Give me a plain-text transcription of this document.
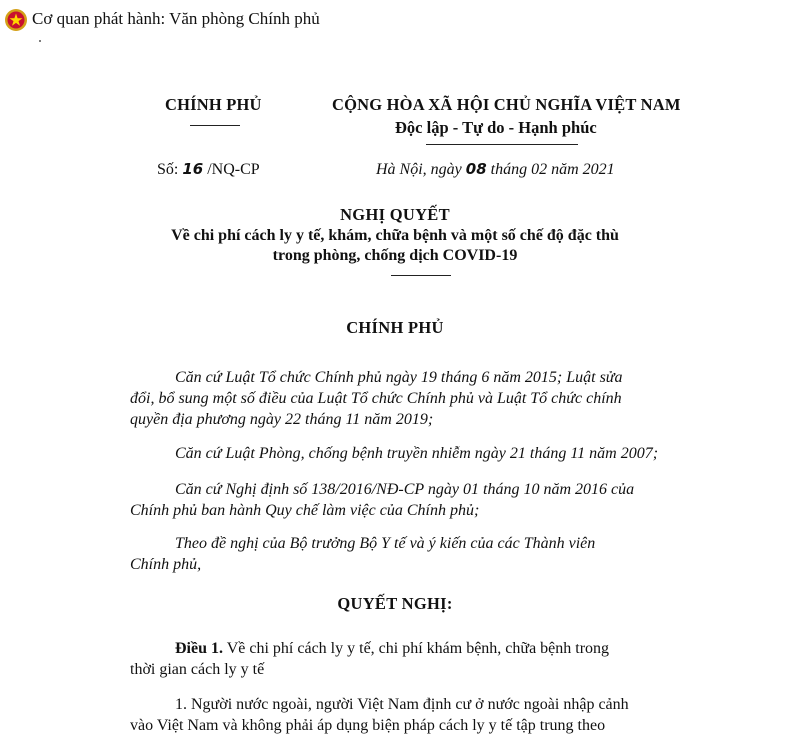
Cơ quan phát hành: Văn phòng Chính phủ
CHÍNH PHỦ	CỘNG HÒA XÃ HỘI CHỦ NGHĨA VIỆT NAM
Độc lập - Tự do - Hạnh phúc
Số: 16 /NQ-CP	Hà Nội, ngày 08 tháng 02 năm 2021
NGHỊ QUYẾT
Về chi phí cách ly y tế, khám, chữa bệnh và một số chế độ đặc thù
trong phòng, chống dịch COVID-19
CHÍNH PHỦ
Căn cứ Luật Tổ chức Chính phủ ngày 19 tháng 6 năm 2015; Luật sửa
đổi, bổ sung một số điều của Luật Tổ chức Chính phủ và Luật Tổ chức chính
quyền địa phương ngày 22 tháng 11 năm 2019;
Căn cứ Luật Phòng, chống bệnh truyền nhiễm ngày 21 tháng 11 năm 2007;
Căn cứ Nghị định số 138/2016/NĐ-CP ngày 01 tháng 10 năm 2016 của
Chính phủ ban hành Quy chế làm việc của Chính phủ;
Theo đề nghị của Bộ trưởng Bộ Y tế và ý kiến của các Thành viên
Chính phủ,
QUYẾT NGHỊ:
Điều 1. Về chi phí cách ly y tế, chi phí khám bệnh, chữa bệnh trong
thời gian cách ly y tế
1. Người nước ngoài, người Việt Nam định cư ở nước ngoài nhập cảnh
vào Việt Nam và không phải áp dụng biện pháp cách ly y tế tập trung theo
